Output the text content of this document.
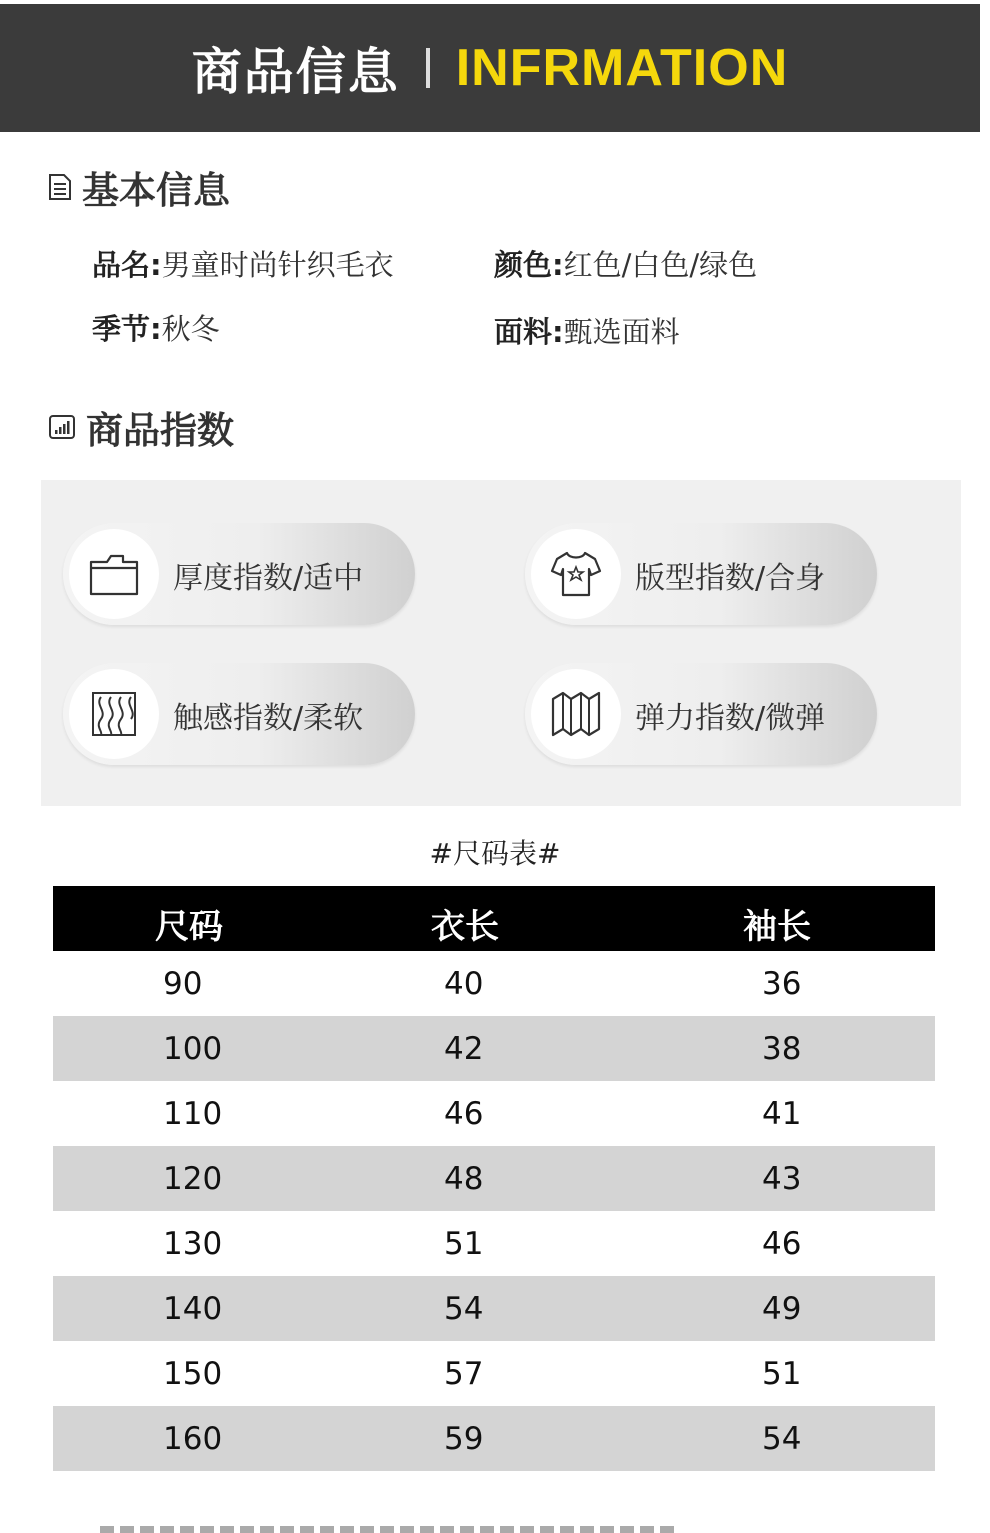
商品信息 INFRMATION
基本信息
品名:男童时尚针织毛衣	颜色:红色/白色/绿色
季节:秋冬	面料:甄选面料
商品指数
厚度指数/适中	版型指数/合身
触感指数/柔软	弹力指数/微弹
#尺码表#
尺码	衣长	袖长
90	40	36
100	42	38
110	46	41
120	48	43
130	51	46
140	54	49
150	57	51
160	59	54
